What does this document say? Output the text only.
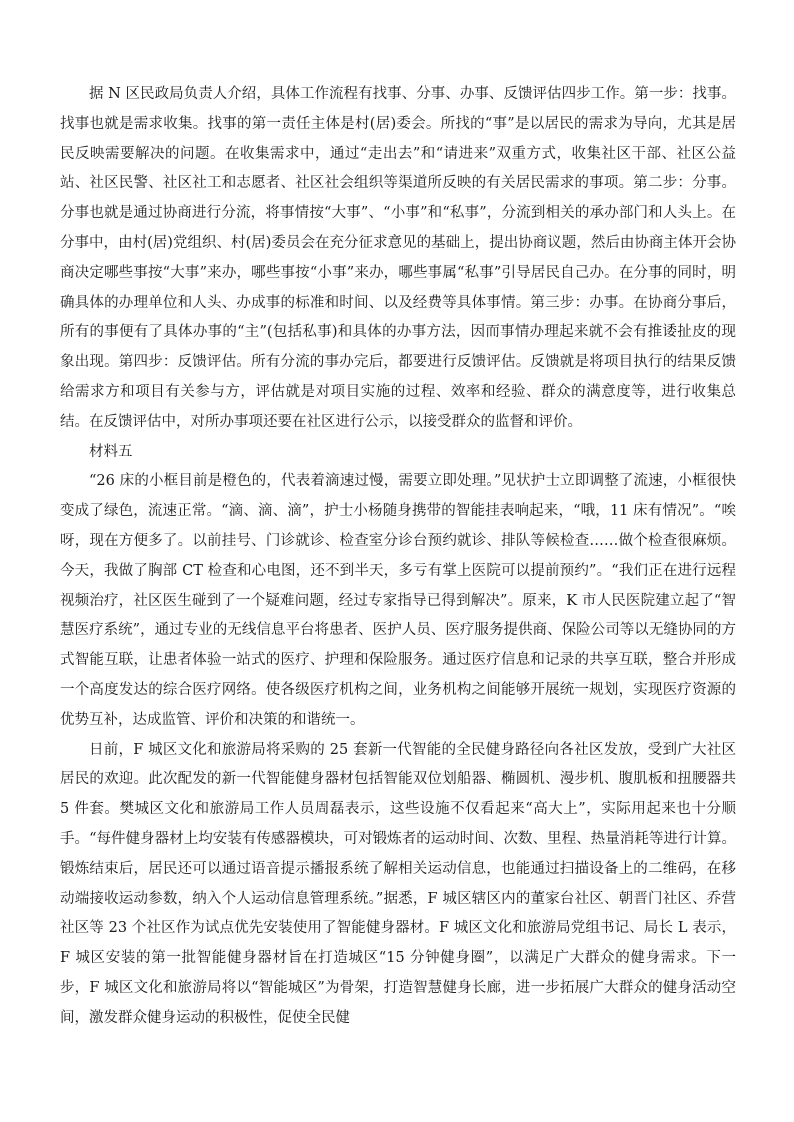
据 N 区民政局负责人介绍，具体工作流程有找事、分事、办事、反馈评估四步工作。第一步：找事。找事也就是需求收集。找事的第一责任主体是村(居)委会。所找的“事”是以居民的需求为导向，尤其是居民反映需要解决的问题。在收集需求中，通过“走出去”和“请进来”双重方式，收集社区干部、社区公益站、社区民警、社区社工和志愿者、社区社会组织等渠道所反映的有关居民需求的事项。第二步：分事。分事也就是通过协商进行分流，将事情按“大事”、“小事”和“私事”，分流到相关的承办部门和人头上。在分事中，由村(居)党组织、村(居)委员会在充分征求意见的基础上，提出协商议题，然后由协商主体开会协商决定哪些事按“大事”来办，哪些事按“小事”来办，哪些事属“私事”引导居民自己办。在分事的同时，明确具体的办理单位和人头、办成事的标准和时间、以及经费等具体事情。第三步：办事。在协商分事后，所有的事便有了具体办事的“主”(包括私事)和具体的办事方法，因而事情办理起来就不会有推诿扯皮的现象出现。第四步：反馈评估。所有分流的事办完后，都要进行反馈评估。反馈就是将项目执行的结果反馈给需求方和项目有关参与方，评估就是对项目实施的过程、效率和经验、群众的满意度等，进行收集总结。在反馈评估中，对所办事项还要在社区进行公示，以接受群众的监督和评价。

材料五

“26 床的小框目前是橙色的，代表着滴速过慢，需要立即处理。”见状护士立即调整了流速，小框很快变成了绿色，流速正常。“滴、滴、滴”，护士小杨随身携带的智能挂表响起来，“哦，11 床有情况”。“唉呀，现在方便多了。以前挂号、门诊就诊、检查室分诊台预约就诊、排队等候检查……做个检查很麻烦。今天，我做了胸部 CT 检查和心电图，还不到半天，多亏有掌上医院可以提前预约”。“我们正在进行远程视频治疗，社区医生碰到了一个疑难问题，经过专家指导已得到解决”。原来，K 市人民医院建立起了“智慧医疗系统”，通过专业的无线信息平台将患者、医护人员、医疗服务提供商、保险公司等以无缝协同的方式智能互联，让患者体验一站式的医疗、护理和保险服务。通过医疗信息和记录的共享互联，整合并形成一个高度发达的综合医疗网络。使各级医疗机构之间，业务机构之间能够开展统一规划，实现医疗资源的优势互补，达成监管、评价和决策的和谐统一。

日前，F 城区文化和旅游局将采购的 25 套新一代智能的全民健身路径向各社区发放，受到广大社区居民的欢迎。此次配发的新一代智能健身器材包括智能双位划船器、椭圆机、漫步机、腹肌板和扭腰器共 5 件套。樊城区文化和旅游局工作人员周磊表示，这些设施不仅看起来“高大上”，实际用起来也十分顺手。“每件健身器材上均安装有传感器模块，可对锻炼者的运动时间、次数、里程、热量消耗等进行计算。锻炼结束后，居民还可以通过语音提示播报系统了解相关运动信息，也能通过扫描设备上的二维码，在移动端接收运动参数，纳入个人运动信息管理系统。”据悉，F 城区辖区内的董家台社区、朝晋门社区、乔营社区等 23 个社区作为试点优先安装使用了智能健身器材。F 城区文化和旅游局党组书记、局长 L 表示，F 城区安装的第一批智能健身器材旨在打造城区“15 分钟健身圈”，以满足广大群众的健身需求。下一步，F 城区文化和旅游局将以“智能城区”为骨架，打造智慧健身长廊，进一步拓展广大群众的健身活动空间，激发群众健身运动的积极性，促使全民健
